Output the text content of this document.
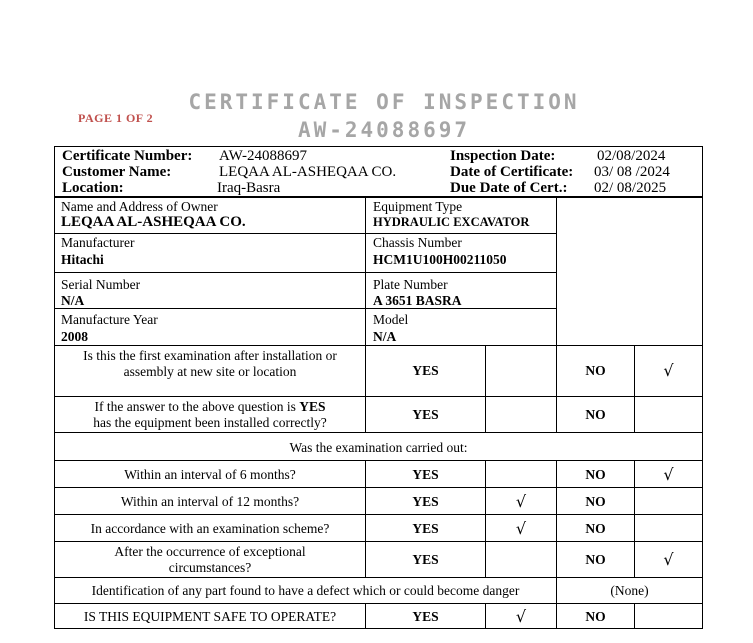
PAGE 1 OF 2
CERTIFICATE OF INSPECTION
AW-24088697
Certificate Number: AW-24088697
Customer Name:	LEQAA AL-ASHEQAA CO.
Location:	Iraq-Basra
Inspection Date:	02/08/2024
Date of Certificate: 03/ 08 /2024
Due Date of Cert.: 02/ 08/2025
Name and Address of Owner
LEQAA AL-ASHEQAA CO.
Equipment Type
HYDRAULIC EXCAVATOR
Manufacturer
Hitachi
Chassis Number
HCM1U100H00211050
Serial Number
N/A
Plate Number
A 3651 BASRA
Manufacture Year
2008
Model
N/A
Is this the first examination after installation or
assembly at new site or location	YES	NO	√
If the answer to the above question is YES
has the equipment been installed correctly?
YES	NO
Was the examination carried out:
Within an interval of 6 months?	YES	NO	√
Within an interval of 12 months?	YES	√	NO
In accordance with an examination scheme?	YES	√	NO
After the occurrence of exceptional
circumstances?
YES	NO	√
Identification of any part found to have a defect which or could become danger	(None)
IS THIS EQUIPMENT SAFE TO OPERATE?	YES	√	NO
